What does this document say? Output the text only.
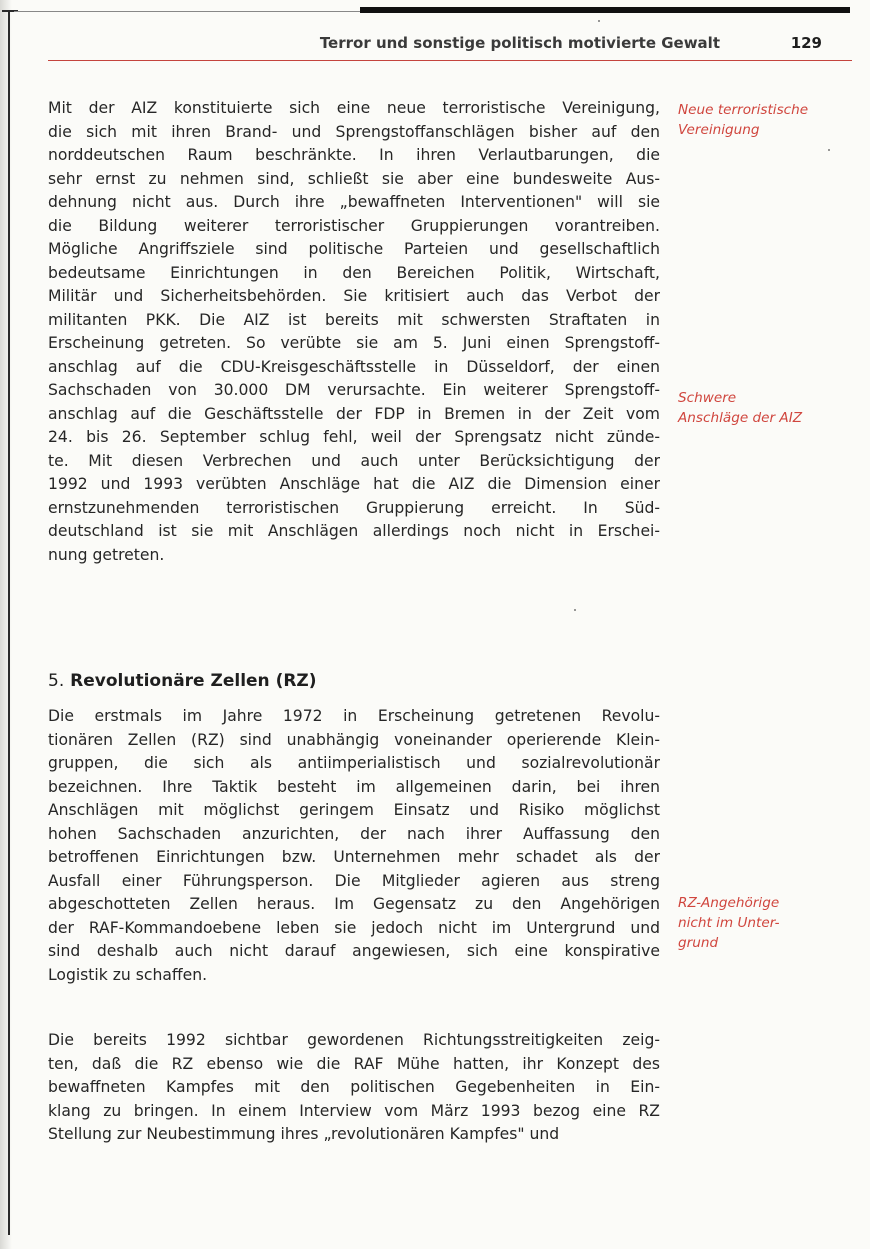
Terror und sonstige politisch motivierte Gewalt	129
Mit der AIZ konstituierte sich eine neue terroristische Vereinigung,
die sich mit ihren Brand- und Sprengstoffanschlägen bisher auf den
norddeutschen Raum beschränkte. In ihren Verlautbarungen, die
sehr ernst zu nehmen sind, schließt sie aber eine bundesweite Aus-
dehnung nicht aus. Durch ihre „bewaffneten Interventionen" will sie
die Bildung weiterer terroristischer Gruppierungen vorantreiben.
Mögliche Angriffsziele sind politische Parteien und gesellschaftlich
bedeutsame Einrichtungen in den Bereichen Politik, Wirtschaft,
Militär und Sicherheitsbehörden. Sie kritisiert auch das Verbot der
militanten PKK. Die AIZ ist bereits mit schwersten Straftaten in
Erscheinung getreten. So verübte sie am 5. Juni einen Sprengstoff-
anschlag auf die CDU-Kreisgeschäftsstelle in Düsseldorf, der einen
Sachschaden von 30.000 DM verursachte. Ein weiterer Sprengstoff-
anschlag auf die Geschäftsstelle der FDP in Bremen in der Zeit vom
24. bis 26. September schlug fehl, weil der Sprengsatz nicht zünde-
te. Mit diesen Verbrechen und auch unter Berücksichtigung der
1992 und 1993 verübten Anschläge hat die AIZ die Dimension einer
ernstzunehmenden terroristischen Gruppierung erreicht. In Süd-
deutschland ist sie mit Anschlägen allerdings noch nicht in Erschei-
nung getreten.
5. Revolutionäre Zellen (RZ)
Die erstmals im Jahre 1972 in Erscheinung getretenen Revolu-
tionären Zellen (RZ) sind unabhängig voneinander operierende Klein-
gruppen, die sich als antiimperialistisch und sozialrevolutionär
bezeichnen. Ihre Taktik besteht im allgemeinen darin, bei ihren
Anschlägen mit möglichst geringem Einsatz und Risiko möglichst
hohen Sachschaden anzurichten, der nach ihrer Auffassung den
betroffenen Einrichtungen bzw. Unternehmen mehr schadet als der
Ausfall einer Führungsperson. Die Mitglieder agieren aus streng
abgeschotteten Zellen heraus. Im Gegensatz zu den Angehörigen
der RAF-Kommandoebene leben sie jedoch nicht im Untergrund und
sind deshalb auch nicht darauf angewiesen, sich eine konspirative
Logistik zu schaffen.
Die bereits 1992 sichtbar gewordenen Richtungsstreitigkeiten zeig-
ten, daß die RZ ebenso wie die RAF Mühe hatten, ihr Konzept des
bewaffneten Kampfes mit den politischen Gegebenheiten in Ein-
klang zu bringen. In einem Interview vom März 1993 bezog eine RZ
Stellung zur Neubestimmung ihres „revolutionären Kampfes" und
Neue terroristische
Vereinigung
Schwere
Anschläge der AIZ
RZ-Angehörige
nicht im Unter-
grund
